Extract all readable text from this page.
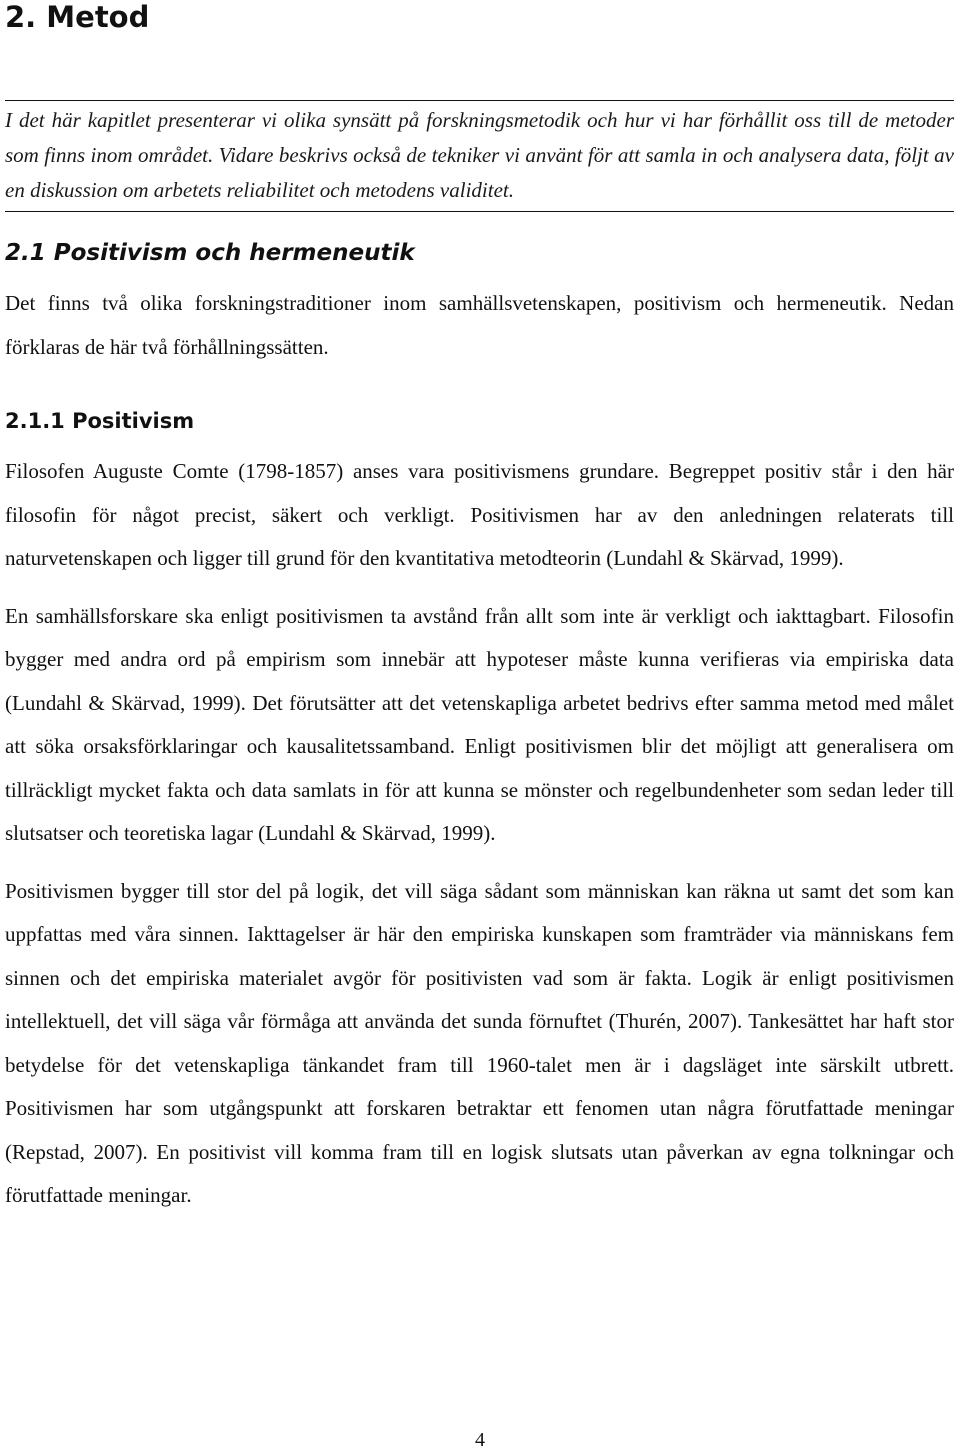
2. Metod

I det här kapitlet presenterar vi olika synsätt på forskningsmetodik och hur vi har förhållit oss till de metoder som finns inom området. Vidare beskrivs också de tekniker vi använt för att samla in och analysera data, följt av en diskussion om arbetets reliabilitet och metodens validitet.

2.1 Positivism och hermeneutik

Det finns två olika forskningstraditioner inom samhällsvetenskapen, positivism och hermeneutik. Nedan förklaras de här två förhållningssätten.

2.1.1 Positivism

Filosofen Auguste Comte (1798-1857) anses vara positivismens grundare. Begreppet positiv står i den här filosofin för något precist, säkert och verkligt. Positivismen har av den anledningen relaterats till naturvetenskapen och ligger till grund för den kvantitativa metodteorin (Lundahl & Skärvad, 1999).

En samhällsforskare ska enligt positivismen ta avstånd från allt som inte är verkligt och iakttagbart. Filosofin bygger med andra ord på empirism som innebär att hypoteser måste kunna verifieras via empiriska data (Lundahl & Skärvad, 1999). Det förutsätter att det vetenskapliga arbetet bedrivs efter samma metod med målet att söka orsaksförklaringar och kausalitetssamband. Enligt positivismen blir det möjligt att generalisera om tillräckligt mycket fakta och data samlats in för att kunna se mönster och regelbundenheter som sedan leder till slutsatser och teoretiska lagar (Lundahl & Skärvad, 1999).

Positivismen bygger till stor del på logik, det vill säga sådant som människan kan räkna ut samt det som kan uppfattas med våra sinnen. Iakttagelser är här den empiriska kunskapen som framträder via människans fem sinnen och det empiriska materialet avgör för positivisten vad som är fakta. Logik är enligt positivismen intellektuell, det vill säga vår förmåga att använda det sunda förnuftet (Thurén, 2007). Tankesättet har haft stor betydelse för det vetenskapliga tänkandet fram till 1960-talet men är i dagsläget inte särskilt utbrett. Positivismen har som utgångspunkt att forskaren betraktar ett fenomen utan några förutfattade meningar (Repstad, 2007). En positivist vill komma fram till en logisk slutsats utan påverkan av egna tolkningar och förutfattade meningar.

4
